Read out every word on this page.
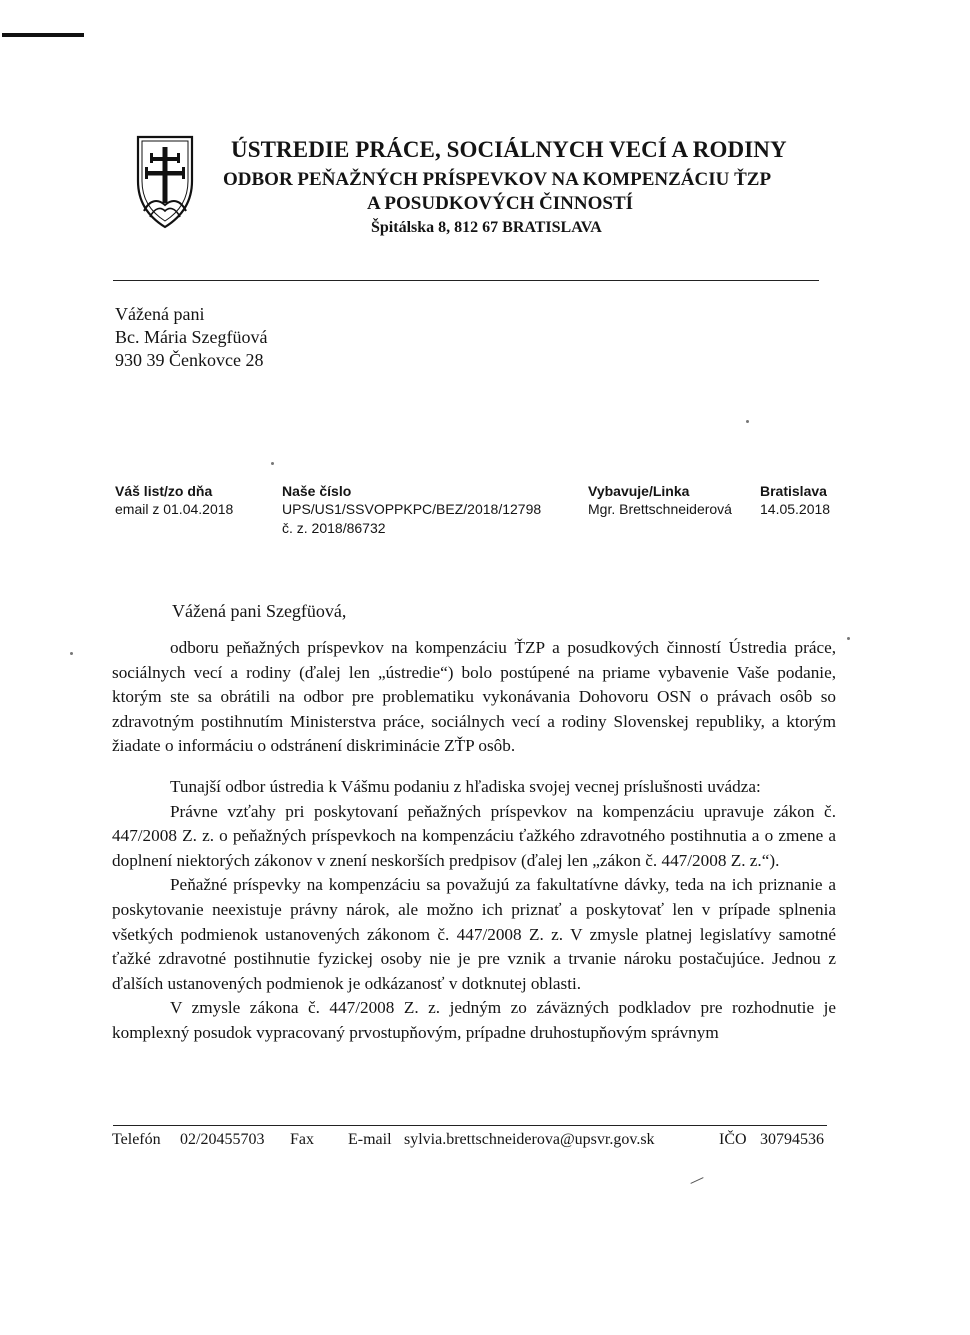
ÚSTREDIE PRÁCE, SOCIÁLNYCH VECÍ A RODINY
ODBOR PEŇAŽNÝCH PRÍSPEVKOV NA KOMPENZÁCIU ŤZP
A POSUDKOVÝCH ČINNOSTÍ
Špitálska 8, 812 67 BRATISLAVA
Vážená pani
Bc. Mária Szegfüová
930 39 Čenkovce 28
Váš list/zo dňa
email z 01.04.2018
Naše číslo
UPS/US1/SSVOPPKPC/BEZ/2018/12798
č. z. 2018/86732
Vybavuje/Linka
Mgr. Brettschneiderová
Bratislava
14.05.2018
Vážená pani Szegfüová,

odboru peňažných príspevkov na kompenzáciu ŤZP a posudkových činností Ústredia práce, sociálnych vecí a rodiny (ďalej len „ústredie“) bolo postúpené na priame vybavenie Vaše podanie, ktorým ste sa obrátili na odbor pre problematiku vykonávania Dohovoru OSN o právach osôb so zdravotným postihnutím Ministerstva práce, sociálnych vecí a rodiny Slovenskej republiky, a ktorým žiadate o informáciu o odstránení diskriminácie ZŤP osôb.

Tunajší odbor ústredia k Vášmu podaniu z hľadiska svojej vecnej príslušnosti uvádza:

Právne vzťahy pri poskytovaní peňažných príspevkov na kompenzáciu upravuje zákon č. 447/2008 Z. z. o peňažných príspevkoch na kompenzáciu ťažkého zdravotného postihnutia a o zmene a doplnení niektorých zákonov v znení neskorších predpisov (ďalej len „zákon č. 447/2008 Z. z.“).

Peňažné príspevky na kompenzáciu sa považujú za fakultatívne dávky, teda na ich priznanie a poskytovanie neexistuje právny nárok, ale možno ich priznať a poskytovať len v prípade splnenia všetkých podmienok ustanovených zákonom č. 447/2008 Z. z. V zmysle platnej legislatívy samotné ťažké zdravotné postihnutie fyzickej osoby nie je pre vznik a trvanie nároku postačujúce. Jednou z ďalších ustanovených podmienok je odkázanosť v dotknutej oblasti.

V zmysle zákona č. 447/2008 Z. z. jedným zo záväzných podkladov pre rozhodnutie je komplexný posudok vypracovaný prvostupňovým, prípadne druhostupňovým správnym

Telefón 02/20455703 Fax E-mail sylvia.brettschneiderova@upsvr.gov.sk	IČO 30794536
